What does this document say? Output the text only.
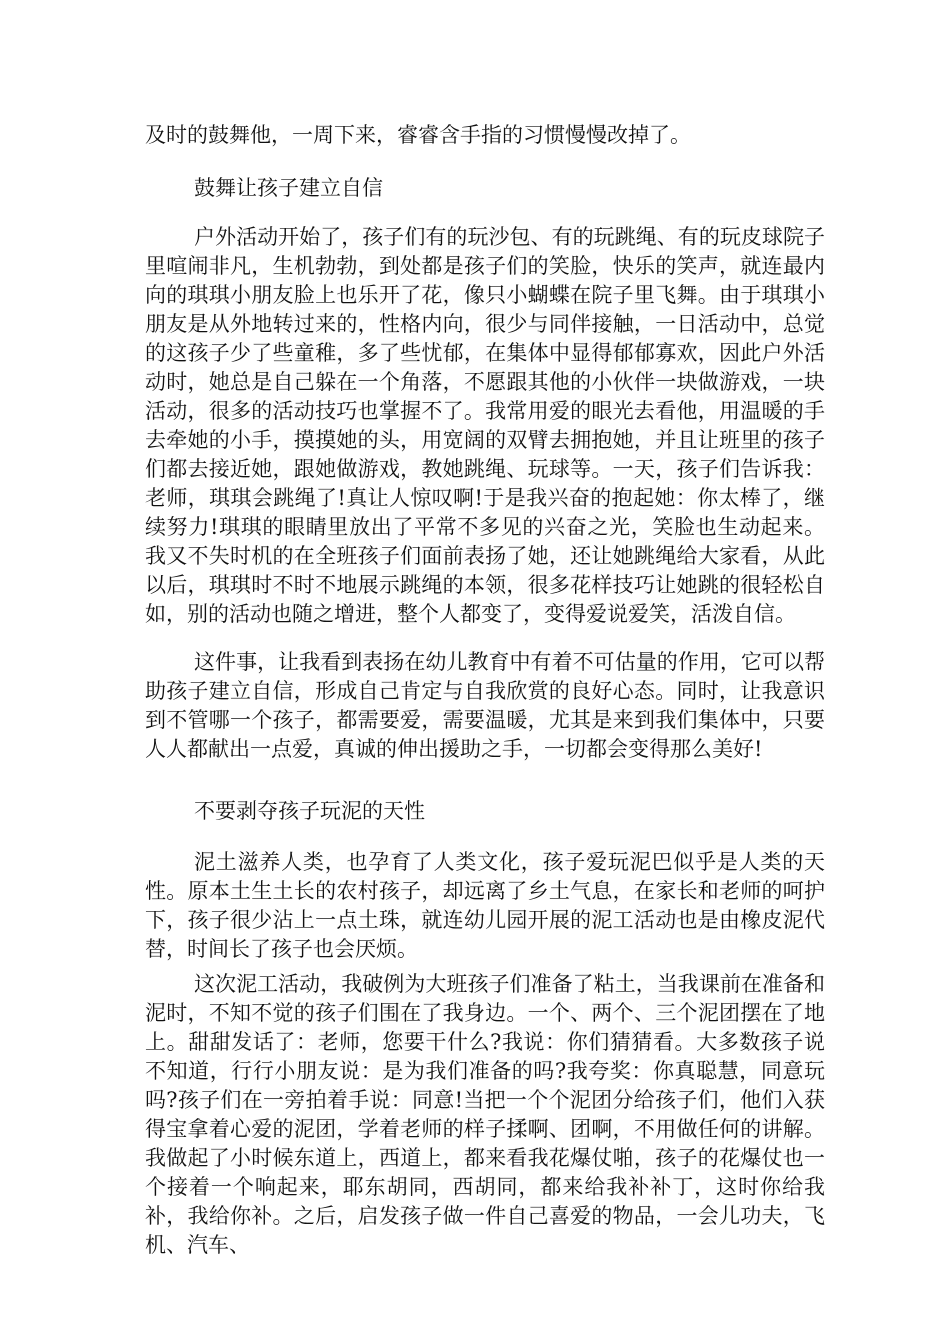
及时的鼓舞他，一周下来，睿睿含手指的习惯慢慢改掉了。

鼓舞让孩子建立自信

户外活动开始了，孩子们有的玩沙包、有的玩跳绳、有的玩皮球院子里喧闹非凡，生机勃勃，到处都是孩子们的笑脸，快乐的笑声，就连最内向的琪琪小朋友脸上也乐开了花，像只小蝴蝶在院子里飞舞。由于琪琪小朋友是从外地转过来的，性格内向，很少与同伴接触，一日活动中，总觉的这孩子少了些童稚，多了些忧郁，在集体中显得郁郁寡欢，因此户外活动时，她总是自己躲在一个角落，不愿跟其他的小伙伴一块做游戏，一块活动，很多的活动技巧也掌握不了。我常用爱的眼光去看他，用温暖的手去牵她的小手，摸摸她的头，用宽阔的双臂去拥抱她，并且让班里的孩子们都去接近她，跟她做游戏，教她跳绳、玩球等。一天，孩子们告诉我：老师，琪琪会跳绳了!真让人惊叹啊!于是我兴奋的抱起她：你太棒了，继续努力!琪琪的眼睛里放出了平常不多见的兴奋之光，笑脸也生动起来。我又不失时机的在全班孩子们面前表扬了她，还让她跳绳给大家看，从此以后，琪琪时不时不地展示跳绳的本领，很多花样技巧让她跳的很轻松自如，别的活动也随之增进，整个人都变了，变得爱说爱笑，活泼自信。

这件事，让我看到表扬在幼儿教育中有着不可估量的作用，它可以帮助孩子建立自信，形成自己肯定与自我欣赏的良好心态。同时，让我意识到不管哪一个孩子，都需要爱，需要温暖，尤其是来到我们集体中，只要人人都献出一点爱，真诚的伸出援助之手，一切都会变得那么美好!

不要剥夺孩子玩泥的天性

泥土滋养人类，也孕育了人类文化，孩子爱玩泥巴似乎是人类的天性。原本土生土长的农村孩子，却远离了乡土气息，在家长和老师的呵护下，孩子很少沾上一点土珠，就连幼儿园开展的泥工活动也是由橡皮泥代替，时间长了孩子也会厌烦。

这次泥工活动，我破例为大班孩子们准备了粘土，当我课前在准备和泥时，不知不觉的孩子们围在了我身边。一个、两个、三个泥团摆在了地上。甜甜发话了：老师，您要干什么?我说：你们猜猜看。大多数孩子说不知道，行行小朋友说：是为我们准备的吗?我夸奖：你真聪慧，同意玩吗?孩子们在一旁拍着手说：同意!当把一个个泥团分给孩子们，他们入获得宝拿着心爱的泥团，学着老师的样子揉啊、团啊，不用做任何的讲解。我做起了小时候东道上，西道上，都来看我花爆仗啪，孩子的花爆仗也一个接着一个响起来，耶东胡同，西胡同，都来给我补补丁，这时你给我补，我给你补。之后，启发孩子做一件自己喜爱的物品，一会儿功夫，飞机、汽车、
